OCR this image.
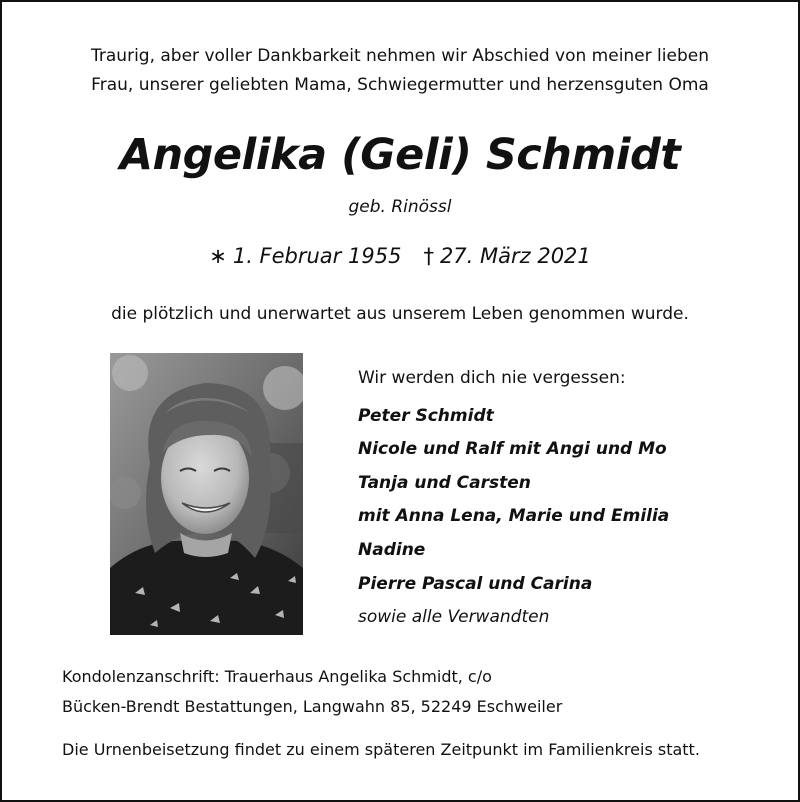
Traurig, aber voller Dankbarkeit nehmen wir Abschied von meiner lieben
Frau, unserer geliebten Mama, Schwiegermutter und herzensguten Oma
Angelika (Geli) Schmidt
geb. Rinössl
∗ 1. Februar 1955 † 27. März 2021
die plötzlich und unerwartet aus unserem Leben genommen wurde.
Wir werden dich nie vergessen:
Peter Schmidt
Nicole und Ralf mit Angi und Mo
Tanja und Carsten
mit Anna Lena, Marie und Emilia
Nadine
Pierre Pascal und Carina
sowie alle Verwandten
Kondolenzanschrift: Trauerhaus Angelika Schmidt, c/o
Bücken-Brendt Bestattungen, Langwahn 85, 52249 Eschweiler
Die Urnenbeisetzung findet zu einem späteren Zeitpunkt im Familienkreis statt.
